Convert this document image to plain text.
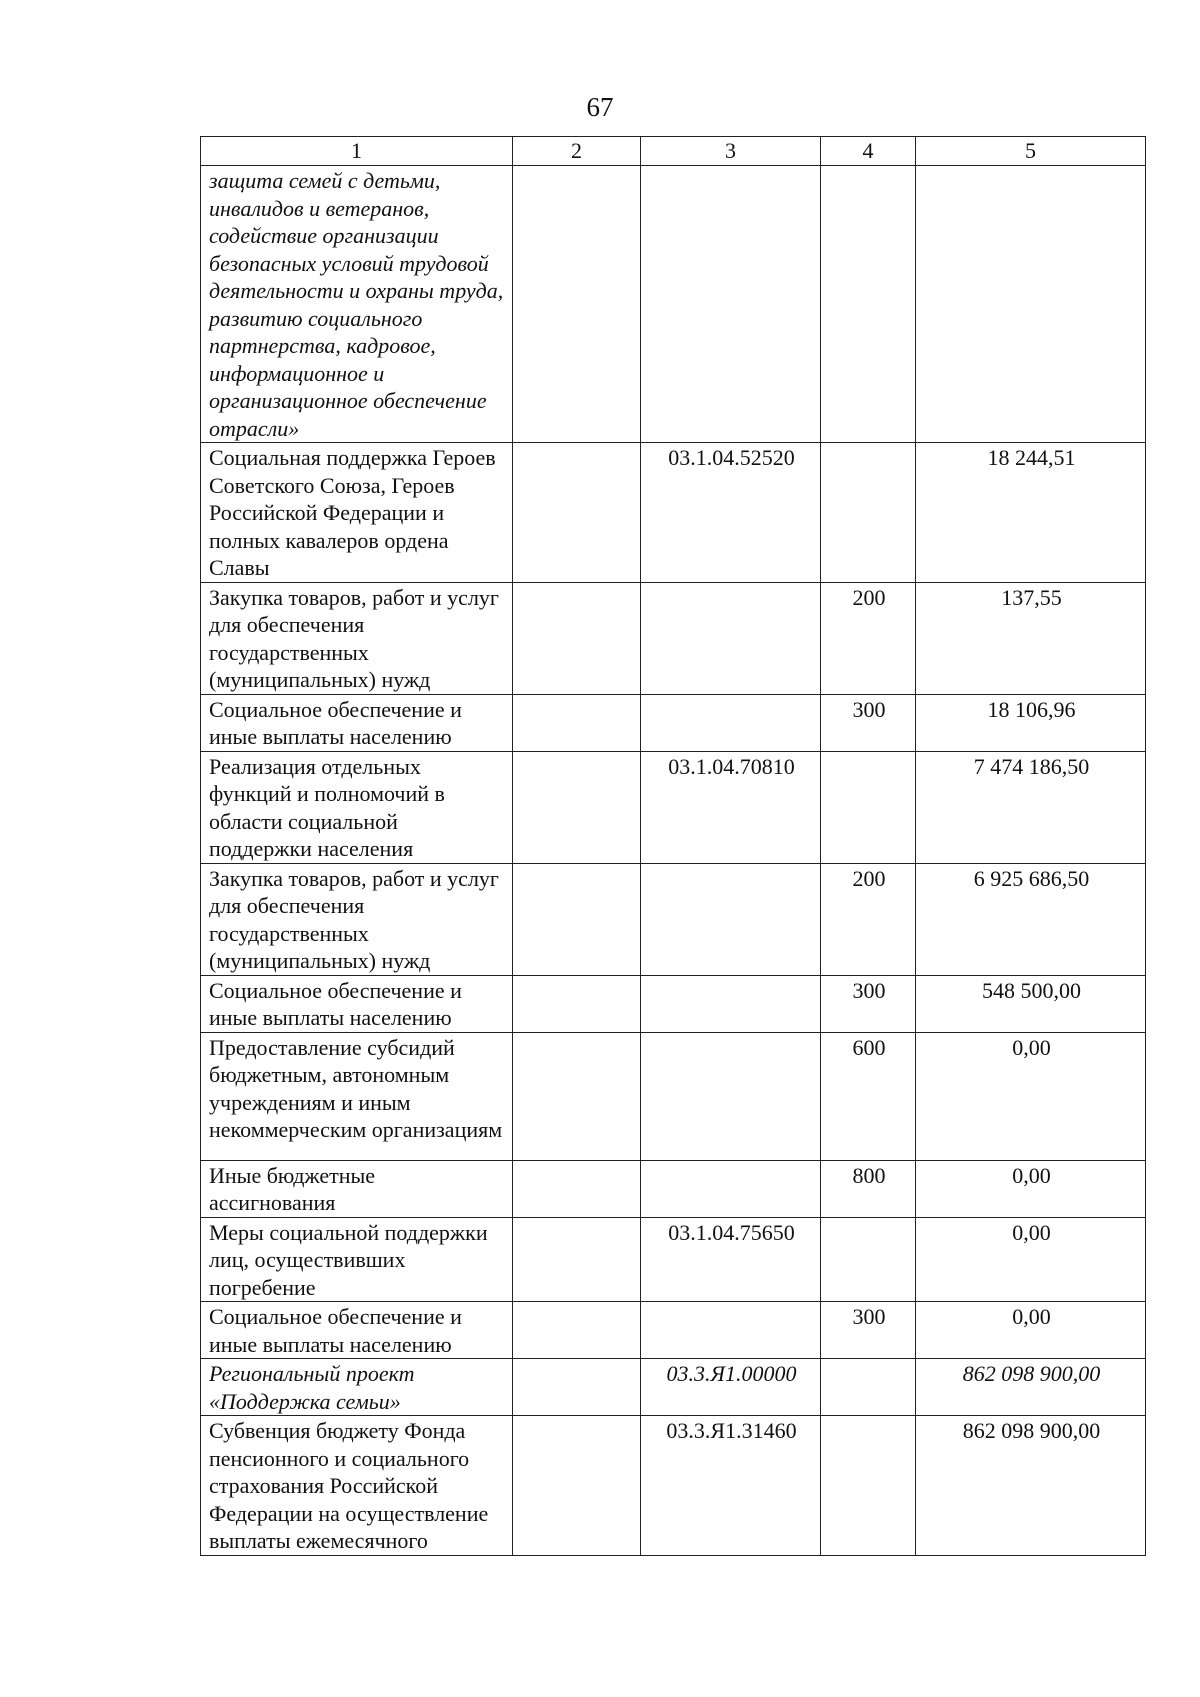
67
1	2	3	4	5
защита семей с детьми, инвалидов и ветеранов, содействие организации безопасных условий трудовой деятельности и охраны труда, развитию социального партнерства, кадровое, информационное и организационное обеспечение отрасли»				
Социальная поддержка Героев Советского Союза, Героев Российской Федерации и полных кавалеров ордена Славы		03.1.04.52520		18 244,51
Закупка товаров, работ и услуг для обеспечения государственных (муниципальных) нужд			200	137,55
Социальное обеспечение и иные выплаты населению			300	18 106,96
Реализация отдельных функций и полномочий в области социальной поддержки населения		03.1.04.70810		7 474 186,50
Закупка товаров, работ и услуг для обеспечения государственных (муниципальных) нужд			200	6 925 686,50
Социальное обеспечение и иные выплаты населению			300	548 500,00
Предоставление субсидий бюджетным, автономным учреждениям и иным некоммерческим организациям			600	0,00
Иные бюджетные ассигнования			800	0,00
Меры социальной поддержки лиц, осуществивших погребение		03.1.04.75650		0,00
Социальное обеспечение и иные выплаты населению			300	0,00
Региональный проект «Поддержка семьи»		03.3.Я1.00000		862 098 900,00
Субвенция бюджету Фонда пенсионного и социального страхования Российской Федерации на осуществление выплаты ежемесячного		03.3.Я1.31460		862 098 900,00
